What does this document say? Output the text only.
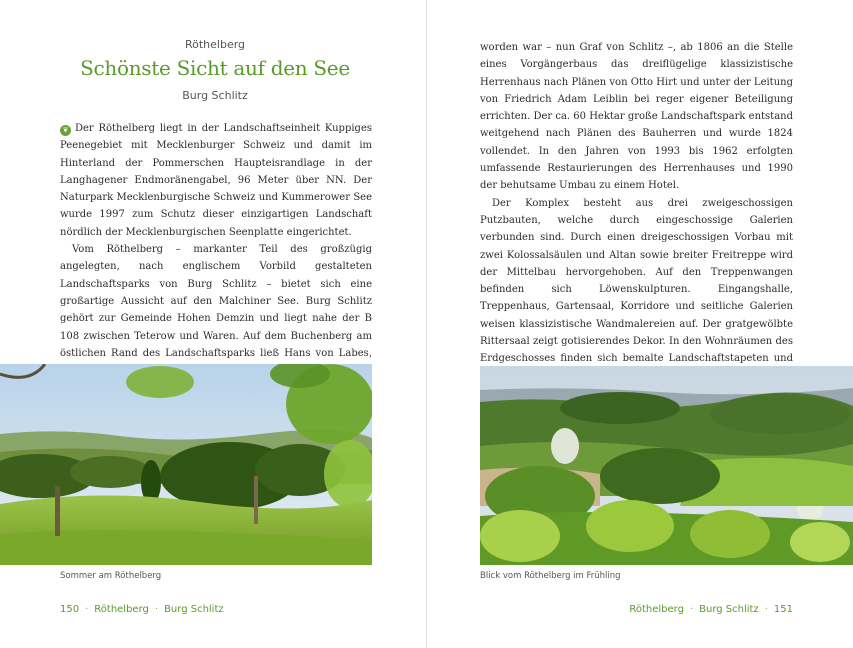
Röthelberg
Schönste Sicht auf den See
Burg Schlitz

❦ Der Röthelberg liegt in der Landschaftseinheit Kuppiges Peenegebiet mit Mecklenburger Schweiz und damit im Hinterland der Pommerschen Haupteisrandlage in der Langhagener Endmoränengabel, 96 Meter über NN. Der Naturpark Mecklenburgische Schweiz und Kummerower See wurde 1997 zum Schutz dieser einzigartigen Landschaft nördlich der Mecklenburgischen Seenplatte eingerichtet.

Vom Röthelberg – markanter Teil des großzügig angelegten, nach englischem Vorbild gestalteten Landschaftsparks von Burg Schlitz – bietet sich eine großartige Aussicht auf den Malchiner See. Burg Schlitz gehört zur Gemeinde Hohen Demzin und liegt nahe der B 108 zwischen Teterow und Waren. Auf dem Buchenberg am östlichen Rand des Landschaftsparks ließ Hans von Labes,

Sommer am Röthelberg
150 · Röthelberg · Burg Schlitz

worden war – nun Graf von Schlitz –, ab 1806 an die Stelle eines Vorgängerbaus das dreiflügelige klassizistische Herrenhaus nach Plänen von Otto Hirt und unter der Leitung von Friedrich Adam Leiblin bei reger eigener Beteiligung errichten. Der ca. 60 Hektar große Landschaftspark entstand weitgehend nach Plänen des Bauherren und wurde 1824 vollendet. In den Jahren von 1993 bis 1962 erfolgten umfassende Restaurierungen des Herrenhauses und 1990 der behutsame Umbau zu einem Hotel.

Der Komplex besteht aus drei zweigeschossigen Putzbauten, welche durch eingeschossige Galerien verbunden sind. Durch einen dreigeschossigen Vorbau mit zwei Kolossalsäulen und Altan sowie breiter Freitreppe wird der Mittelbau hervorgehoben. Auf den Treppenwangen befinden sich Löwenskulpturen. Eingangshalle, Treppenhaus, Gartensaal, Korridore und seitliche Galerien weisen klassizistische Wandmalereien auf. Der gratgewölbte Rittersaal zeigt gotisierendes Dekor. In den Wohnräumen des Erdgeschosses finden sich bemalte Landschaftstapeten und

Blick vom Röthelberg im Frühling
Röthelberg · Burg Schlitz · 151
